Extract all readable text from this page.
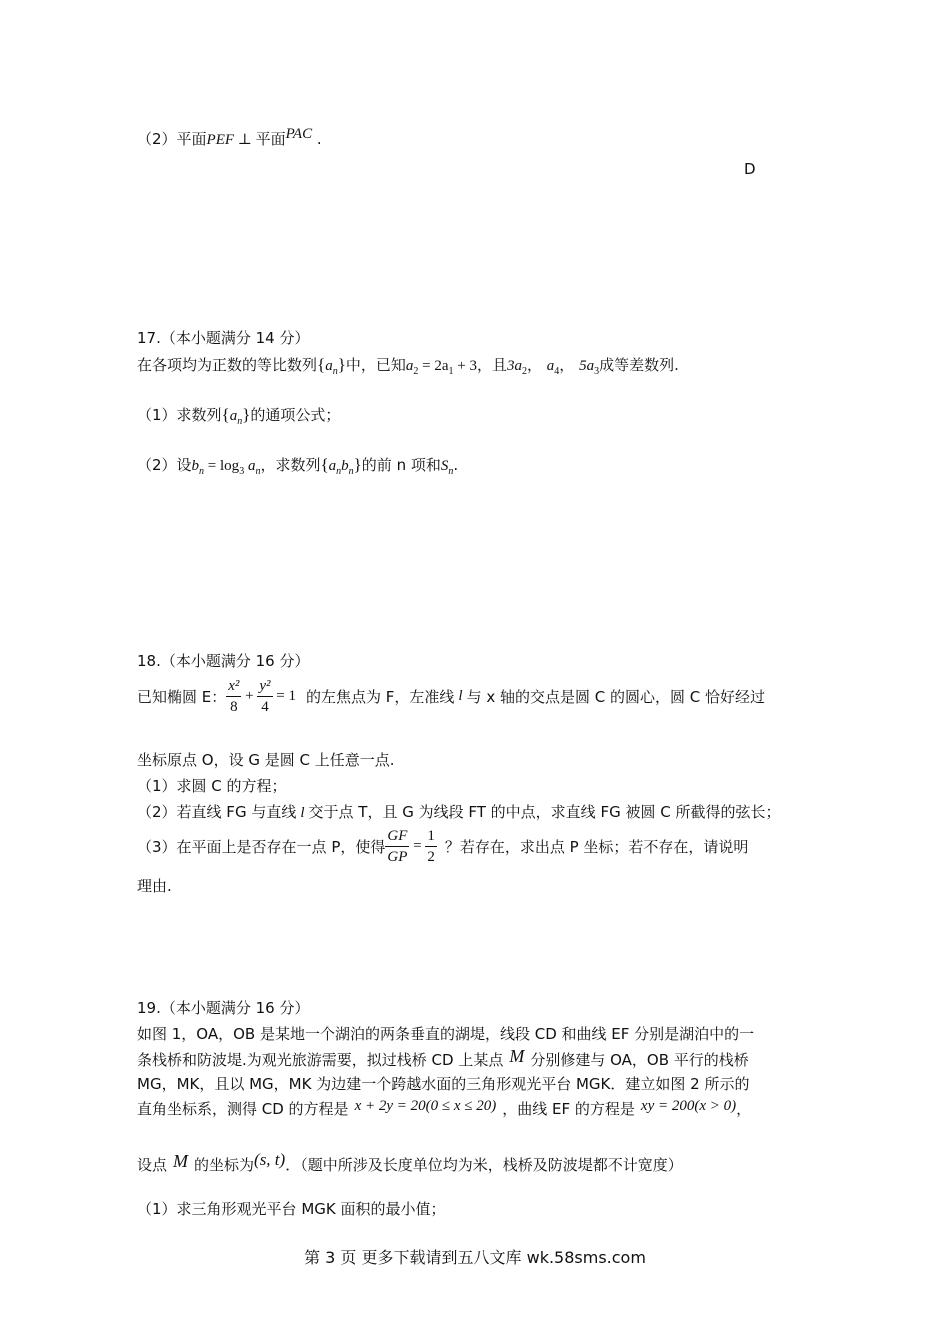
（2）平面PEF ⊥ 平面PAC .
D
17.（本小题满分 14 分）
在各项均为正数的等比数列$\{a_n\}$中，已知$a_2 = 2a_1 + 3$，且$3a_2$， $a_4$， $5a_3$成等差数列.
（1）求数列$\{a_n\}$的通项公式；
（2）设$b_n = \log_3 a_n$，求数列$\{a_nb_n\}$的前 n 项和$S_n$.
18.（本小题满分 16 分）
已知椭圆 E： $\frac{\text{x²}}{8} + \frac{\text{y²}}{4} = 1$ 的左焦点为 F，左准线 l 与 x 轴的交点是圆 C 的圆心，圆 C 恰好经过
坐标原点 O，设 G 是圆 C 上任意一点.
（1）求圆 C 的方程；
（2）若直线 FG 与直线 l 交于点 T，且 G 为线段 FT 的中点，求直线 FG 被圆 C 所截得的弦长；
（3）在平面上是否存在一点 P，使得 $\frac{GF}{GP} = \frac{1}{2}$ ？若存在，求出点 P 坐标；若不存在，请说明
理由.
19.（本小题满分 16 分）
如图 1，OA，OB 是某地一个湖泊的两条垂直的湖堤，线段 CD 和曲线 EF 分别是湖泊中的一
条栈桥和防波堤.为观光旅游需要，拟过栈桥 CD 上某点 M 分别修建与 OA，OB 平行的栈桥
MG，MK，且以 MG，MK 为边建一个跨越水面的三角形观光平台 MGK．建立如图 2 所示的
直角坐标系，测得 CD 的方程是 x + 2y = 20(0 ≤ x ≤ 20) ，曲线 EF 的方程是 xy = 200(x > 0)，
设点 M 的坐标为(s, t)．（题中所涉及长度单位均为米，栈桥及防波堤都不计宽度）
（1）求三角形观光平台 MGK 面积的最小值；
第 3 页 更多下载请到五八文库 wk.58sms.com
